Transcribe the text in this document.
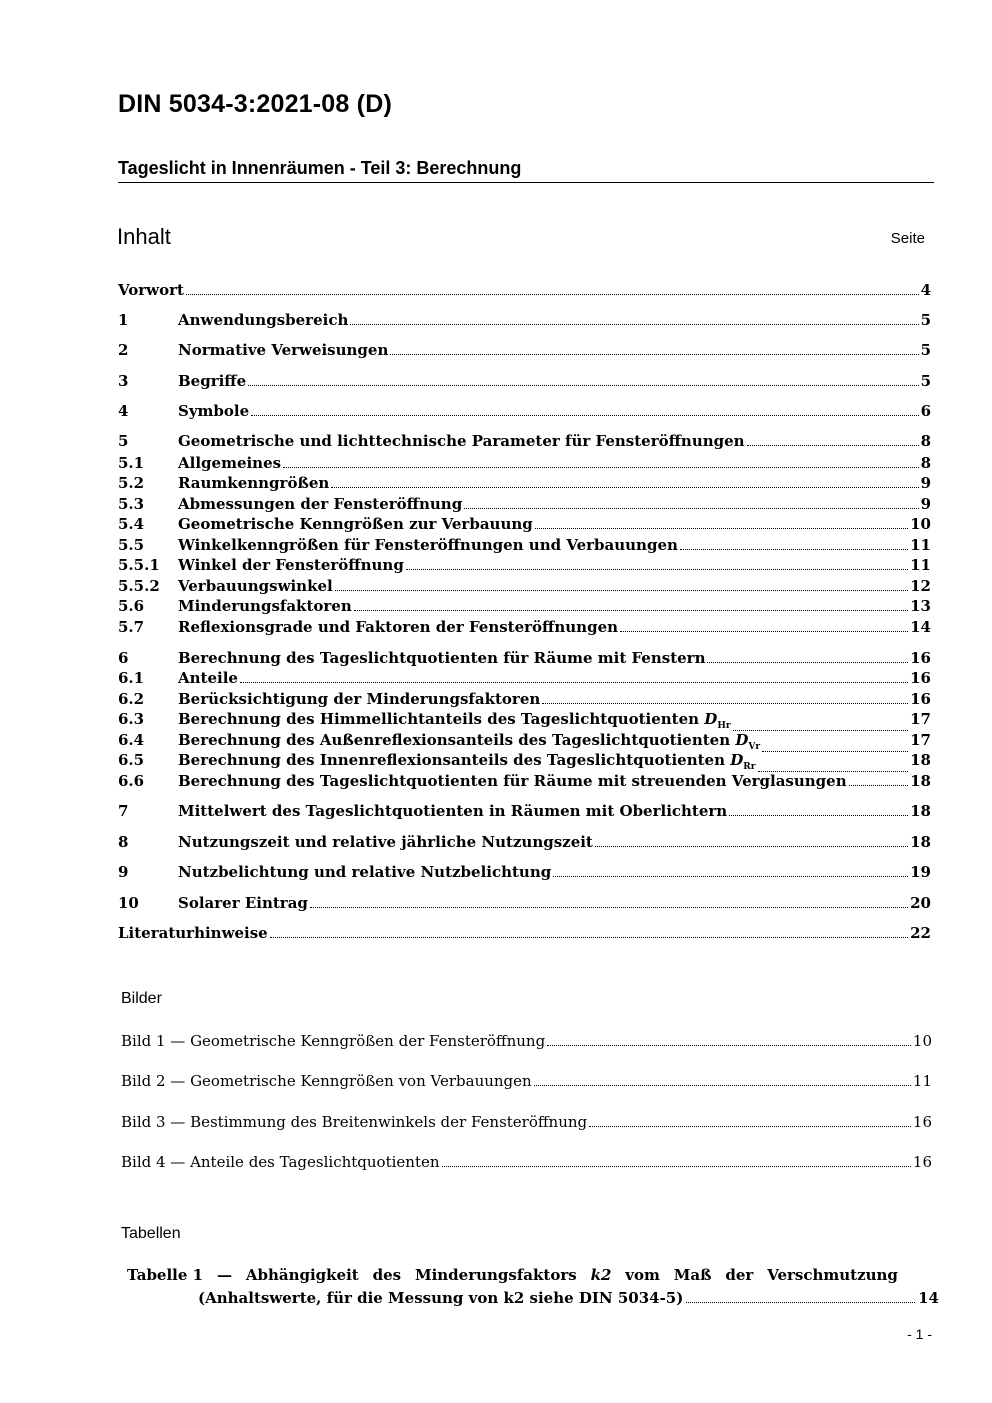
DIN 5034-3:2021-08 (D)
Tageslicht in Innenräumen - Teil 3: Berechnung
Inhalt	Seite
Vorwort	4
1	Anwendungsbereich	5
2	Normative Verweisungen	5
3	Begriffe	5
4	Symbole	6
5	Geometrische und lichttechnische Parameter für Fensteröffnungen	8
5.1	Allgemeines	8
5.2	Raumkenngrößen	9
5.3	Abmessungen der Fensteröffnung	9
5.4	Geometrische Kenngrößen zur Verbauung	10
5.5	Winkelkenngrößen für Fensteröffnungen und Verbauungen	11
5.5.1	Winkel der Fensteröffnung	11
5.5.2	Verbauungswinkel	12
5.6	Minderungsfaktoren	13
5.7	Reflexionsgrade und Faktoren der Fensteröffnungen	14
6	Berechnung des Tageslichtquotienten für Räume mit Fenstern	16
6.1	Anteile	16
6.2	Berücksichtigung der Minderungsfaktoren	16
6.3	Berechnung des Himmellichtanteils des Tageslichtquotienten $D_{Hr}$	17
6.4	Berechnung des Außenreflexionsanteils des Tageslichtquotienten $D_{Vr}$	17
6.5	Berechnung des Innenreflexionsanteils des Tageslichtquotienten $D_{Rr}$	18
6.6	Berechnung des Tageslichtquotienten für Räume mit streuenden Verglasungen	18
7	Mittelwert des Tageslichtquotienten in Räumen mit Oberlichtern	18
8	Nutzungszeit und relative jährliche Nutzungszeit	18
9	Nutzbelichtung und relative Nutzbelichtung	19
10	Solarer Eintrag	20
Literaturhinweise	22
Bilder
Bild 1 — Geometrische Kenngrößen der Fensteröffnung	10
Bild 2 — Geometrische Kenngrößen von Verbauungen	11
Bild 3 — Bestimmung des Breitenwinkels der Fensteröffnung	16
Bild 4 — Anteile des Tageslichtquotienten	16
Tabellen
Tabelle 1 — Abhängigkeit des Minderungsfaktors k2 vom Maß der Verschmutzung
(Anhaltswerte, für die Messung von k2 siehe DIN 5034-5)	14
- 1 -
